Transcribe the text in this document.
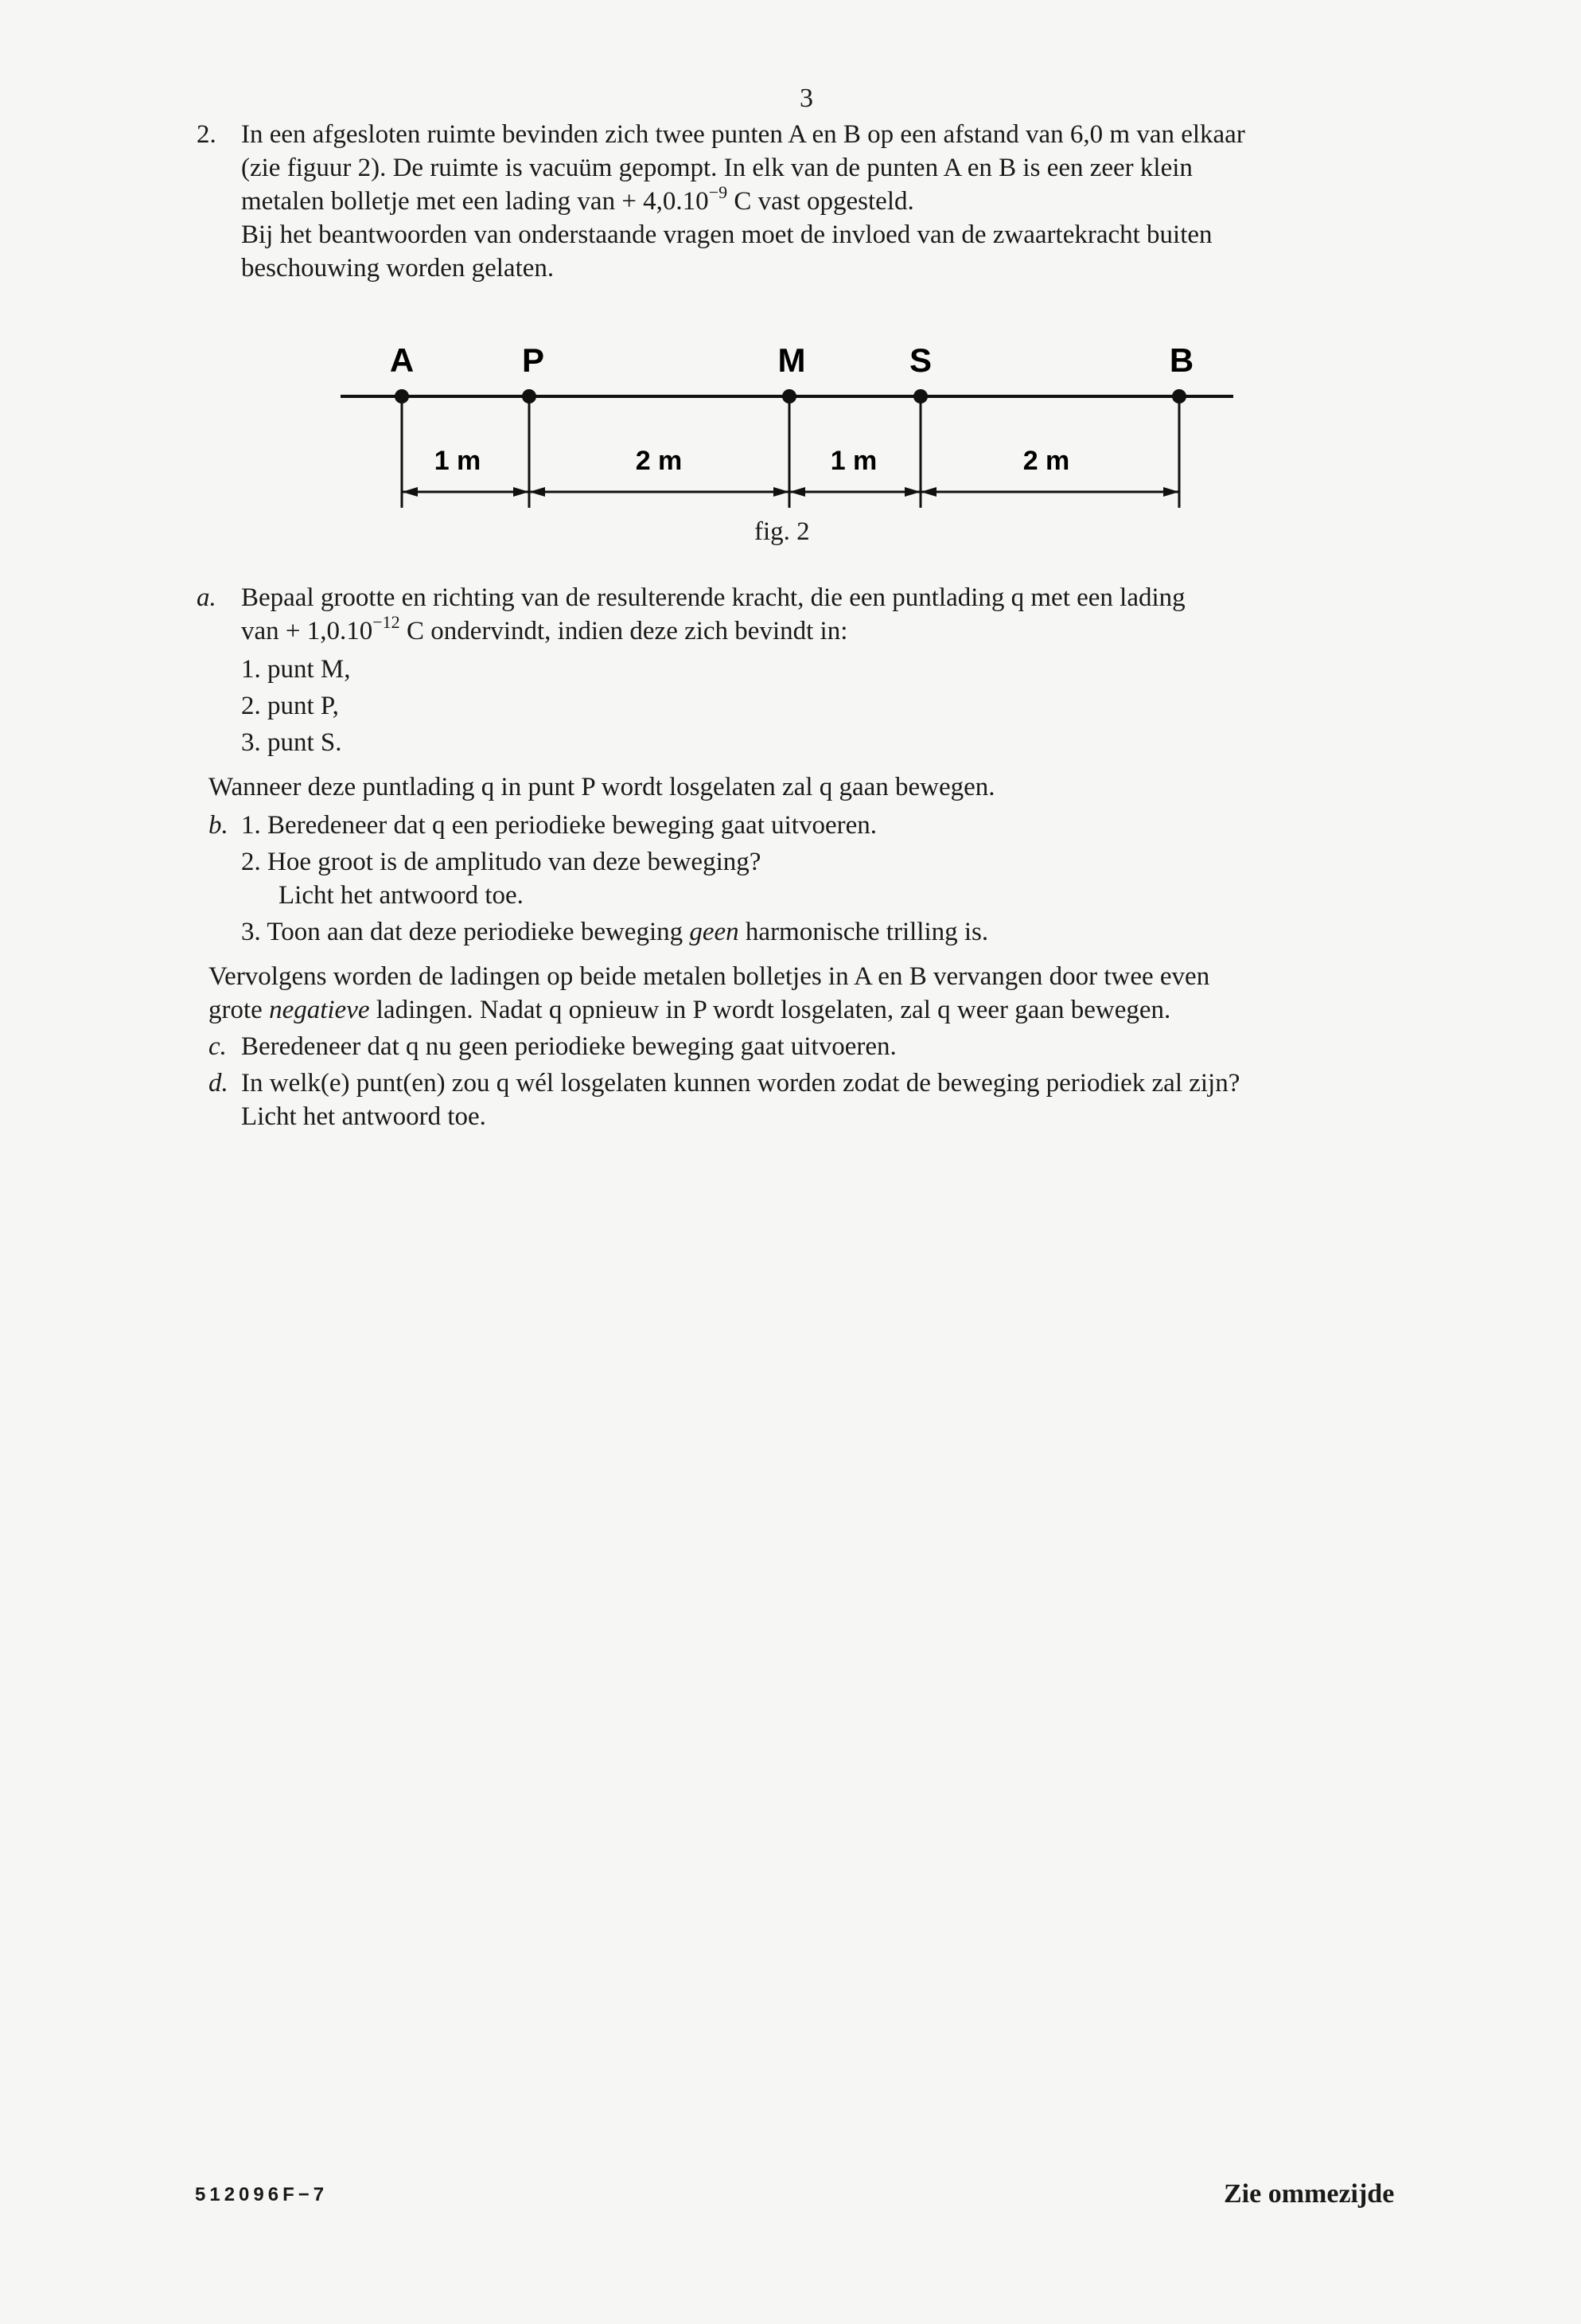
3
2. In een afgesloten ruimte bevinden zich twee punten A en B op een afstand van 6,0 m van elkaar
(zie figuur 2). De ruimte is vacuüm gepompt. In elk van de punten A en B is een zeer klein
metalen bolletje met een lading van + $4,0.10^{-9}$ C vast opgesteld.
Bij het beantwoorden van onderstaande vragen moet de invloed van de zwaartekracht buiten
beschouwing worden gelaten.
A	P	M	S	B
1 m	2 m	1 m	2 m
fig. 2
a. Bepaal grootte en richting van de resulterende kracht, die een puntlading q met een lading
van + $1,0.10^{-12}$ C ondervindt, indien deze zich bevindt in:
1. punt M,
2. punt P,
3. punt S.
Wanneer deze puntlading q in punt P wordt losgelaten zal q gaan bewegen.
b. 1. Beredeneer dat q een periodieke beweging gaat uitvoeren.
2. Hoe groot is de amplitudo van deze beweging?
Licht het antwoord toe.
3. Toon aan dat deze periodieke beweging geen harmonische trilling is.
Vervolgens worden de ladingen op beide metalen bolletjes in A en B vervangen door twee even
grote negatieve ladingen. Nadat q opnieuw in P wordt losgelaten, zal q weer gaan bewegen.
c. Beredeneer dat q nu geen periodieke beweging gaat uitvoeren.
d. In welk(e) punt(en) zou q wél losgelaten kunnen worden zodat de beweging periodiek zal zijn?
Licht het antwoord toe.
512096F−7	Zie ommezijde
